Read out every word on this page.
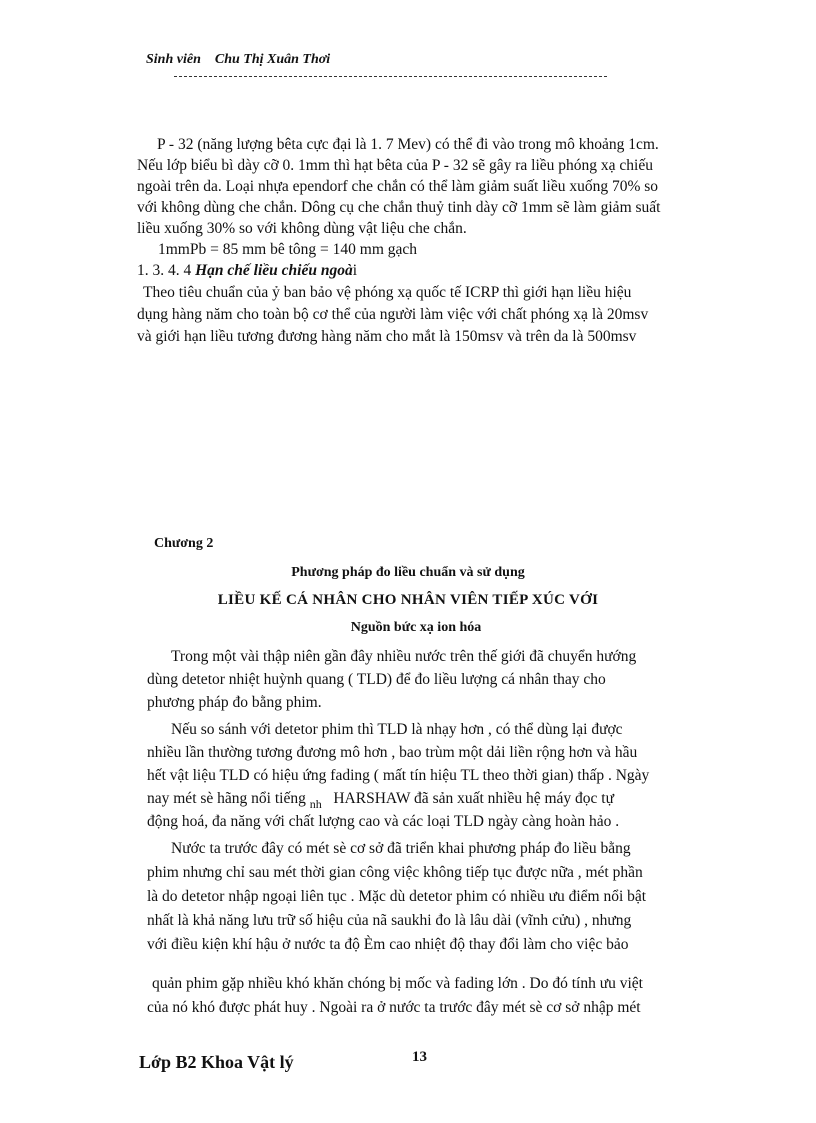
Sinh viên Chu Thị Xuân Thơi
P - 32 (năng lượng bêta cực đại là 1. 7 Mev) có thể đi vào trong mô khoảng 1cm.
Nếu lớp biểu bì dày cỡ 0. 1mm thì hạt bêta của P - 32 sẽ gây ra liều phóng xạ chiếu
ngoài trên da. Loại nhựa ependorf che chắn có thể làm giảm suất liều xuống 70% so
với không dùng che chắn. Dông cụ che chắn thuỷ tinh dày cỡ 1mm sẽ làm giảm suất
liều xuống 30% so với không dùng vật liệu che chắn.
1mmPb = 85 mm bê tông = 140 mm gạch
1. 3. 4. 4 Hạn chế liều chiếu ngoài
Theo tiêu chuẩn của ỷ ban bảo vệ phóng xạ quốc tế ICRP thì giới hạn liều hiệu
dụng hàng năm cho toàn bộ cơ thể của người làm việc với chất phóng xạ là 20msv
và giới hạn liều tương đương hàng năm cho mắt là 150msv và trên da là 500msv
Chương 2
Phương pháp đo liều chuẩn và sử dụng
LIỀU KẾ CÁ NHÂN CHO NHÂN VIÊN TIẾP XÚC VỚI
Nguồn bức xạ ion hóa
Trong một vài thập niên gần đây nhiều nước trên thế giới đã chuyển hướng
dùng detetor nhiệt huỳnh quang ( TLD) để đo liều lượng cá nhân thay cho
phương pháp đo bằng phim.
Nếu so sánh với detetor phim thì TLD là nhạy hơn , có thể dùng lại được
nhiều lần thường tương đương mô hơn , bao trùm một dải liền rộng hơn và hầu
hết vật liệu TLD có hiệu ứng fading ( mất tín hiệu TL theo thời gian) thấp . Ngày
nay mét sè hãng nổi tiếng $_{nh}$ HARSHAW đã sản xuất nhiều hệ máy đọc tự
động hoá, đa năng với chất lượng cao và các loại TLD ngày càng hoàn hảo .
Nước ta trước đây có mét sè cơ sở đã triển khai phương pháp đo liều bằng
phim nhưng chỉ sau mét thời gian công việc không tiếp tục được nữa , mét phần
là do detetor nhập ngoại liên tục . Mặc dù detetor phim có nhiều ưu điểm nổi bật
nhất là khả năng lưu trữ số hiệu của nã saukhi đo là lâu dài (vĩnh cửu) , nhưng
với điều kiện khí hậu ở nước ta độ Èm cao nhiệt độ thay đổi làm cho việc bảo
quản phim gặp nhiều khó khăn chóng bị mốc và fading lớn . Do đó tính ưu việt
của nó khó được phát huy . Ngoài ra ở nước ta trước đây mét sè cơ sở nhập mét
Lớp B2 Khoa Vật lý	13
